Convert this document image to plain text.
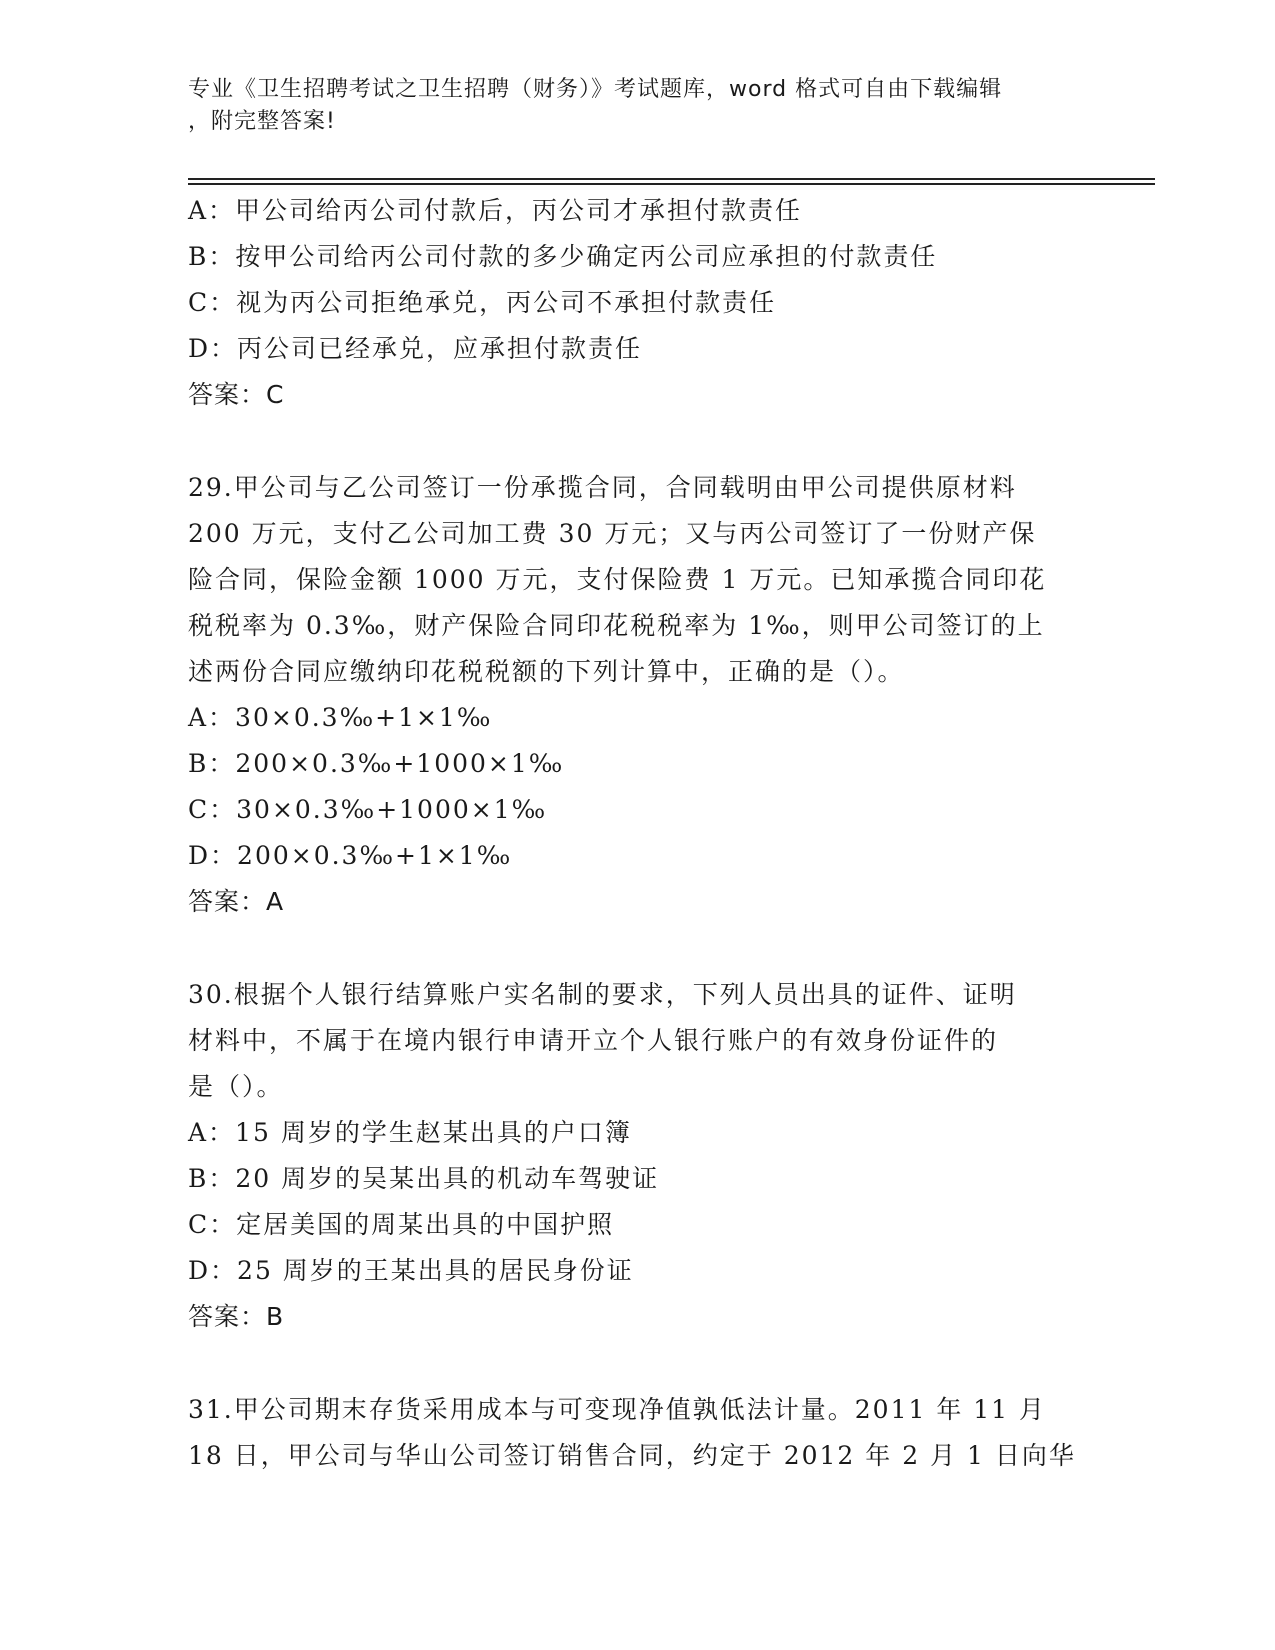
专业《卫生招聘考试之卫生招聘（财务）》考试题库，word 格式可自由下载编辑
，附完整答案!
A：甲公司给丙公司付款后，丙公司才承担付款责任
B：按甲公司给丙公司付款的多少确定丙公司应承担的付款责任
C：视为丙公司拒绝承兑，丙公司不承担付款责任
D：丙公司已经承兑，应承担付款责任
答案：C
29.甲公司与乙公司签订一份承揽合同，合同载明由甲公司提供原材料
200 万元，支付乙公司加工费 30 万元；又与丙公司签订了一份财产保
险合同，保险金额 1000 万元，支付保险费 1 万元。已知承揽合同印花
税税率为 0.3‰，财产保险合同印花税税率为 1‰，则甲公司签订的上
述两份合同应缴纳印花税税额的下列计算中，正确的是（）。
A：30×0.3‰+1×1‰
B：200×0.3‰+1000×1‰
C：30×0.3‰+1000×1‰
D：200×0.3‰+1×1‰
答案：A
30.根据个人银行结算账户实名制的要求，下列人员出具的证件、证明
材料中，不属于在境内银行申请开立个人银行账户的有效身份证件的
是（）。
A：15 周岁的学生赵某出具的户口簿
B：20 周岁的吴某出具的机动车驾驶证
C：定居美国的周某出具的中国护照
D：25 周岁的王某出具的居民身份证
答案：B
31.甲公司期末存货采用成本与可变现净值孰低法计量。2011 年 11 月
18 日，甲公司与华山公司签订销售合同，约定于 2012 年 2 月 1 日向华
